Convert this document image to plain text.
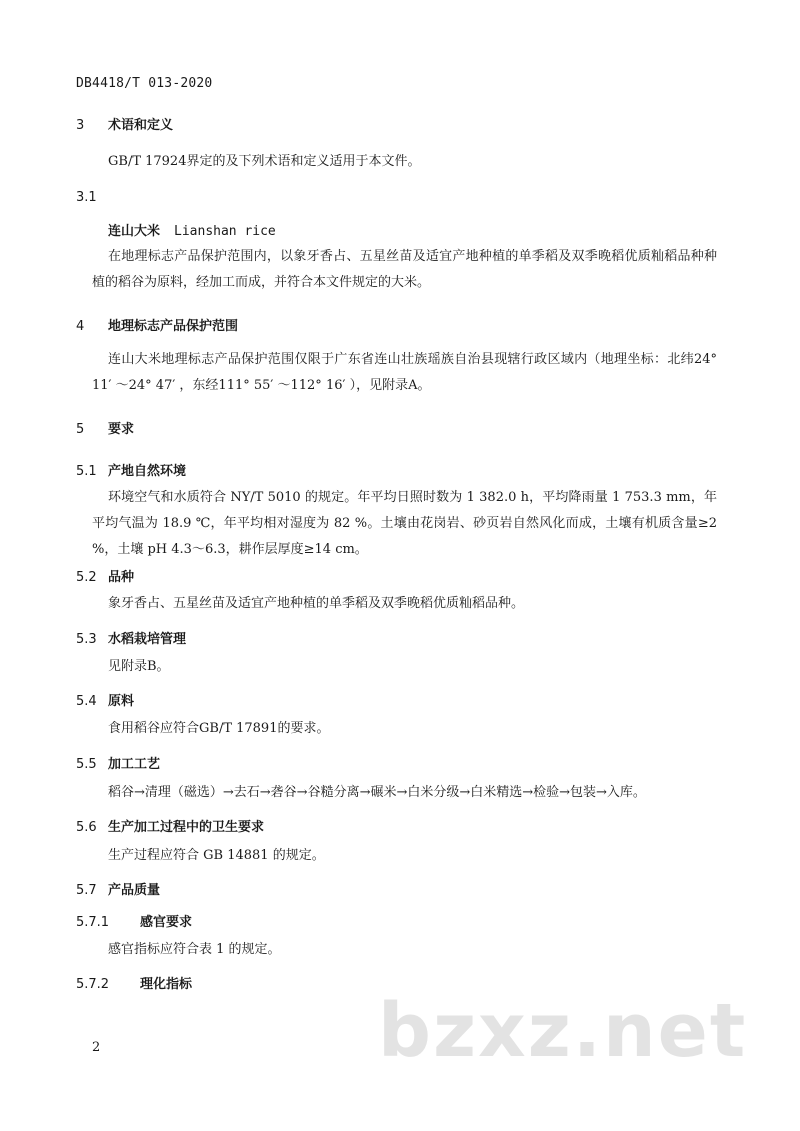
DB4418/T 013-2020
3 术语和定义
GB/T 17924界定的及下列术语和定义适用于本文件。
3.1
连山大米 Lianshan rice
在地理标志产品保护范围内，以象牙香占、五星丝苗及适宜产地种植的单季稻及双季晚稻优质籼稻品种种植的稻谷为原料，经加工而成，并符合本文件规定的大米。
4 地理标志产品保护范围
连山大米地理标志产品保护范围仅限于广东省连山壮族瑶族自治县现辖行政区域内（地理坐标：北纬24° 11′ ～24° 47′ ，东经111° 55′ ～112° 16′ ），见附录A。
5 要求
5.1 产地自然环境
环境空气和水质符合 NY/T 5010 的规定。年平均日照时数为 1 382.0 h，平均降雨量 1 753.3 mm，年平均气温为 18.9 ℃，年平均相对湿度为 82 %。土壤由花岗岩、砂页岩自然风化而成，土壤有机质含量≥2 %，土壤 pH 4.3～6.3，耕作层厚度≥14 cm。
5.2 品种
象牙香占、五星丝苗及适宜产地种植的单季稻及双季晚稻优质籼稻品种。
5.3 水稻栽培管理
见附录B。
5.4 原料
食用稻谷应符合GB/T 17891的要求。
5.5 加工工艺
稻谷→清理（磁选）→去石→砻谷→谷糙分离→碾米→白米分级→白米精选→检验→包装→入库。
5.6 生产加工过程中的卫生要求
生产过程应符合 GB 14881 的规定。
5.7 产品质量
5.7.1 感官要求
感官指标应符合表 1 的规定。
5.7.2 理化指标
bzxz.net
2
